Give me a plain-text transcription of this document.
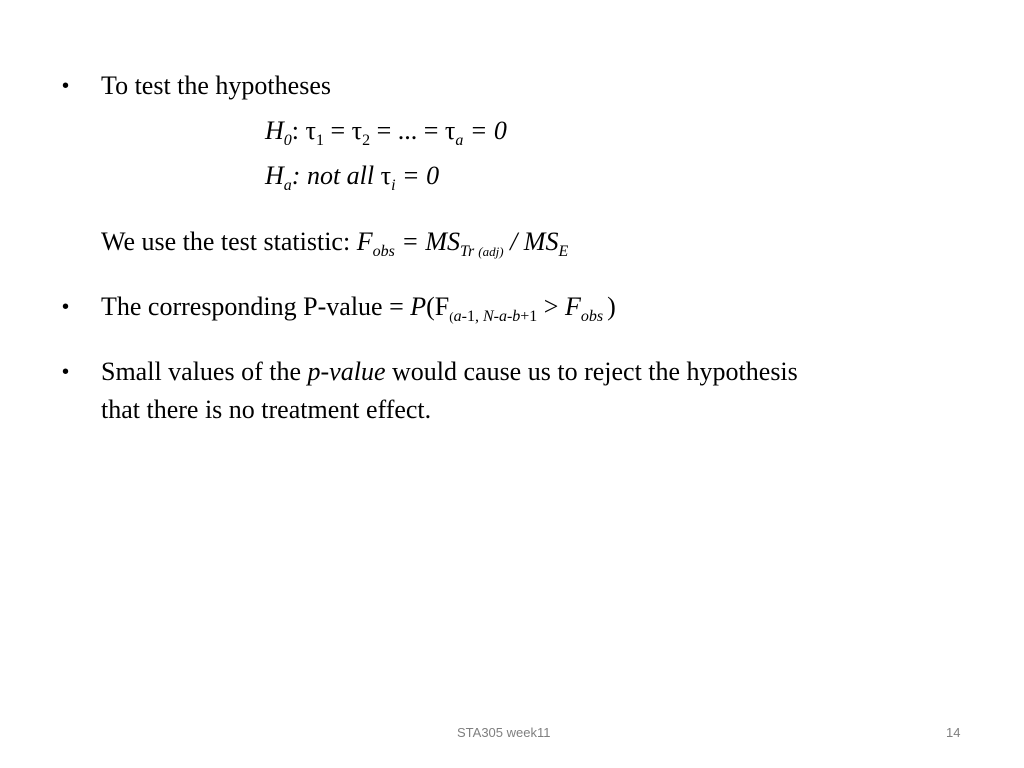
• To test the hypotheses
$H_0$: $\tau_1 = \tau_2$ = ... = $\tau_a = 0$
$H_a$: not all $\tau_i = 0$
We use the test statistic: $F_{obs} = MS_{Tr (adj)} / MS_E$
• The corresponding P-value = $P(F_{(a-1, N-a-b+1} > F_{obs}$ )
• Small values of the p-value would cause us to reject the hypothesis
that there is no treatment effect.
STA305 week11	14
